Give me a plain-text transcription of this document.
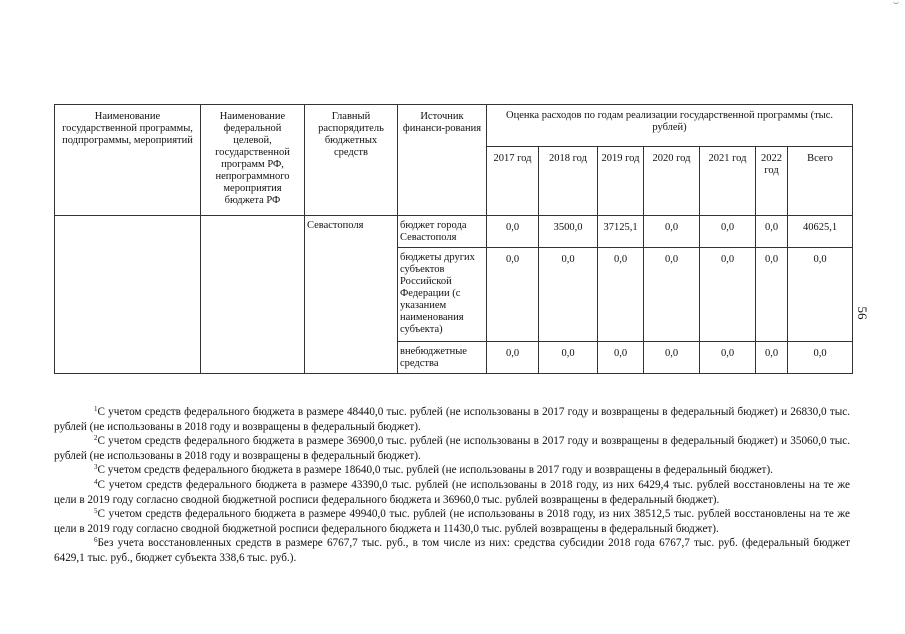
Наименование государственной программы, подпрограммы, мероприятий	Наименование федеральной целевой, государственной программ РФ, непрограммного мероприятия бюджета РФ	Главный распорядитель бюджетных средств	Источник финанси-рования	Оценка расходов по годам реализации государственной программы (тыс. рублей)						
				2017 год	2018 год	2019 год	2020 год	2021 год	2022 год	Всего
		Севастополя	бюджет города Севастополя	0,0	3500,0	37125,1	0,0	0,0	0,0	40625,1
			бюджеты других субъектов Российской Федерации (с указанием наименования субъекта)	0,0	0,0	0,0	0,0	0,0	0,0	0,0
			внебюджетные средства	0,0	0,0	0,0	0,0	0,0	0,0	0,0
56

$^1$С учетом средств федерального бюджета в размере 48440,0 тыс. рублей (не использованы в 2017 году и возвращены в федеральный бюджет) и 26830,0 тыс. рублей (не использованы в 2018 году и возвращены в федеральный бюджет).

$^2$С учетом средств федерального бюджета в размере 36900,0 тыс. рублей (не использованы в 2017 году и возвращены в федеральный бюджет) и 35060,0 тыс. рублей (не использованы в 2018 году и возвращены в федеральный бюджет).

$^3$С учетом средств федерального бюджета в размере 18640,0 тыс. рублей (не использованы в 2017 году и возвращены в федеральный бюджет).

$^4$С учетом средств федерального бюджета в размере 43390,0 тыс. рублей (не использованы в 2018 году, из них 6429,4 тыс. рублей восстановлены на те же цели в 2019 году согласно сводной бюджетной росписи федерального бюджета и 36960,0 тыс. рублей возвращены в федеральный бюджет).

$^5$С учетом средств федерального бюджета в размере 49940,0 тыс. рублей (не использованы в 2018 году, из них 38512,5 тыс. рублей восстановлены на те же цели в 2019 году согласно сводной бюджетной росписи федерального бюджета и 11430,0 тыс. рублей возвращены в федеральный бюджет).

$^6$Без учета восстановленных средств в размере 6767,7 тыс. руб., в том числе из них: средства субсидии 2018 года 6767,7 тыс. руб. (федеральный бюджет 6429,1 тыс. руб., бюджет субъекта 338,6 тыс. руб.).
